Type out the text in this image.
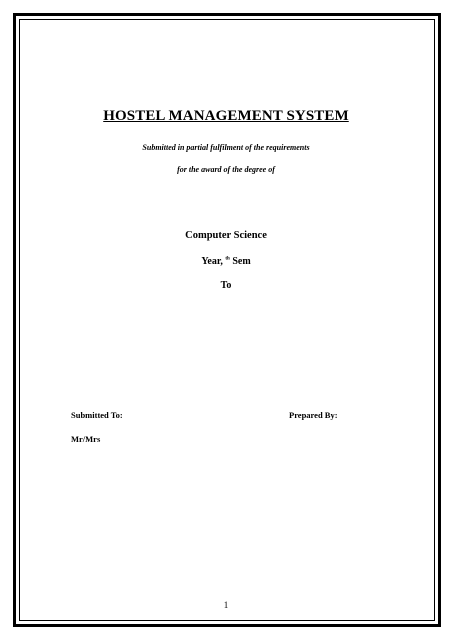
HOSTEL MANAGEMENT SYSTEM
Submitted in partial fulfilment of the requirements
for the award of the degree of
Computer Science
Year, $^{th}$ Sem
To
Submitted To:	Prepared By:
Mr/Mrs
1
